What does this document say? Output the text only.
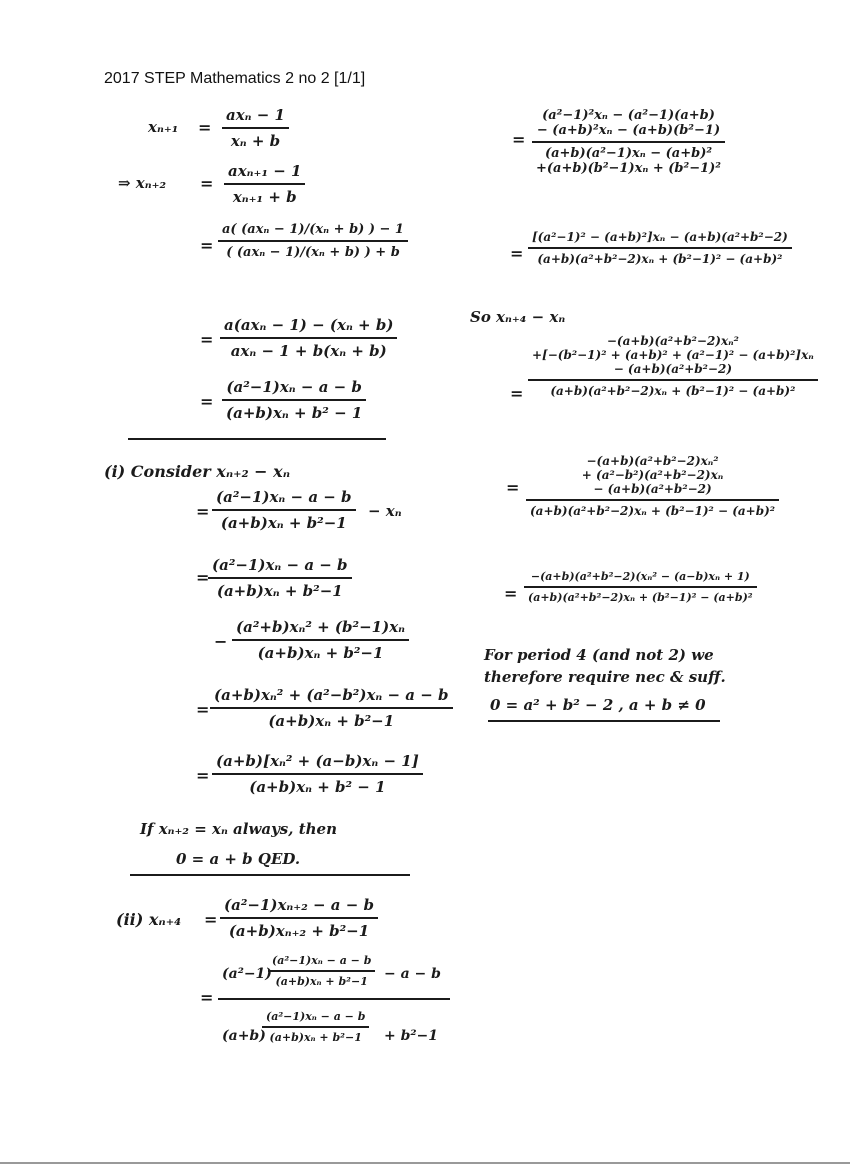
2017 STEP Mathematics 2 no 2 [1/1]
xₙ₊₁ =
axₙ − 1
xₙ + b
⇒ xₙ₊₂ =
axₙ₊₁ − 1
xₙ₊₁ + b
=
a( (axₙ − 1)/(xₙ + b) ) − 1
( (axₙ − 1)/(xₙ + b) ) + b
=
a(axₙ − 1) − (xₙ + b)
axₙ − 1 + b(xₙ + b)
= $\frac{\text{(a²−1)xₙ − a − b}}{\text{(a+b)xₙ + b² − 1}}$
(i) Consider xₙ₊₂ − xₙ
= $\frac{\text{(a²−1)xₙ − a − b}}{\text{(a+b)xₙ + b²−1}} - x_n$
=
$\frac{\text{(a²−1)xₙ − a − b}}{\text{(a+b)xₙ + b²−1}}$
− $\frac{\text{(a²+b)xₙ² + (b²−1)xₙ}}{\text{(a+b)xₙ + b²−1}}$
= $\frac{\text{(a+b)xₙ² + (a²−b²)xₙ − a − b}}{\text{(a+b)xₙ + b²−1}}$
= $\frac{\text{(a+b)[xₙ² + (a−b)xₙ − 1]}}{\text{(a+b)xₙ + b² − 1}}$
If xₙ₊₂ = xₙ always, then
0 = a + b QED.
(ii) $x_{n+4} = \frac{\text{(a²−1)xₙ₊₂ − a − b}}{\text{(a+b)xₙ₊₂ + b²−1}}$
=
(a²−1)
$\frac{\text{(a²−1)xₙ − a − b}}{\text{(a+b)xₙ + b²−1}} - a - b$
(a+b)
$\frac{\text{(a²−1)xₙ − a − b}}{\text{(a+b)xₙ + b²−1}} + b^2-1$
=
(a²−1)²xₙ − (a²−1)(a+b)
− (a+b)²xₙ − (a+b)(b²−1)
(a+b)(a²−1)xₙ − (a+b)²
+(a+b)(b²−1)xₙ + (b²−1)²
= $\frac{\text{[(a²−1)² − (a+b)²]xₙ − (a+b)(a²+b²−2)}}{\text{(a+b)(a²+b²−2)xₙ + (b²−1)² − (a+b)²}}$
So xₙ₊₄ − xₙ
=
−(a+b)(a²+b²−2)xₙ²
+[−(b²−1)² + (a+b)² + (a²−1)² − (a+b)²]xₙ
− (a+b)(a²+b²−2)
(a+b)(a²+b²−2)xₙ + (b²−1)² − (a+b)²
=
−(a+b)(a²+b²−2)xₙ²
+ (a²−b²)(a²+b²−2)xₙ
− (a+b)(a²+b²−2)
(a+b)(a²+b²−2)xₙ + (b²−1)² − (a+b)²
= $\frac{\text{−(a+b)(a²+b²−2)(xₙ² − (a−b)xₙ + 1)}}{\text{(a+b)(a²+b²−2)xₙ + (b²−1)² − (a+b)²}}$
For period 4 (and not 2) we
therefore require nec & suff.
0 = a² + b² − 2 , a + b ≠ 0
